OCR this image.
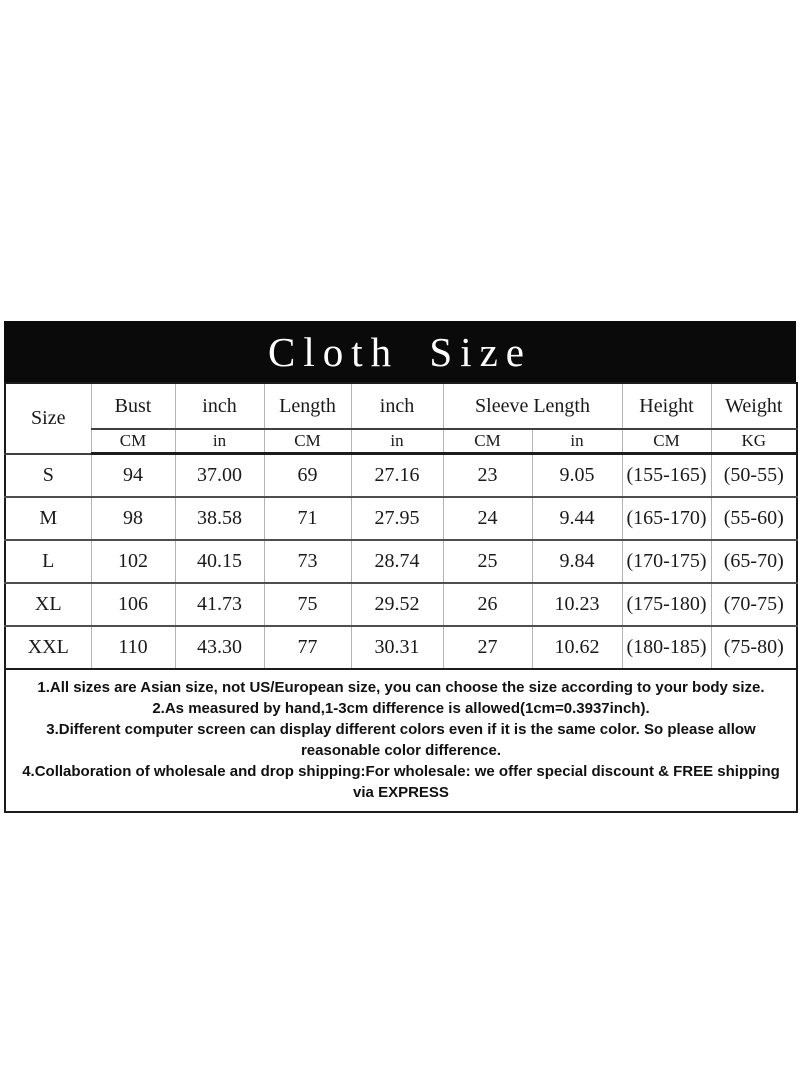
Cloth Size
Size	Bust	inch	Length	inch	Sleeve Length		Height	Weight
	CM	in	CM	in	CM	in	CM	KG
S	94	37.00	69	27.16	23	9.05	(155-165)	(50-55)
M	98	38.58	71	27.95	24	9.44	(165-170)	(55-60)
L	102	40.15	73	28.74	25	9.84	(170-175)	(65-70)
XL	106	41.73	75	29.52	26	10.23	(175-180)	(70-75)
XXL	110	43.30	77	30.31	27	10.62	(180-185)	(75-80)

1.All sizes are Asian size, not US/European size, you can choose the size according to your body size.
2.As measured by hand,1-3cm difference is allowed(1cm=0.3937inch).
3.Different computer screen can display different colors even if it is the same color. So please allow reasonable color difference.
4.Collaboration of wholesale and drop shipping:For wholesale: we offer special discount & FREE shipping via EXPRESS								
